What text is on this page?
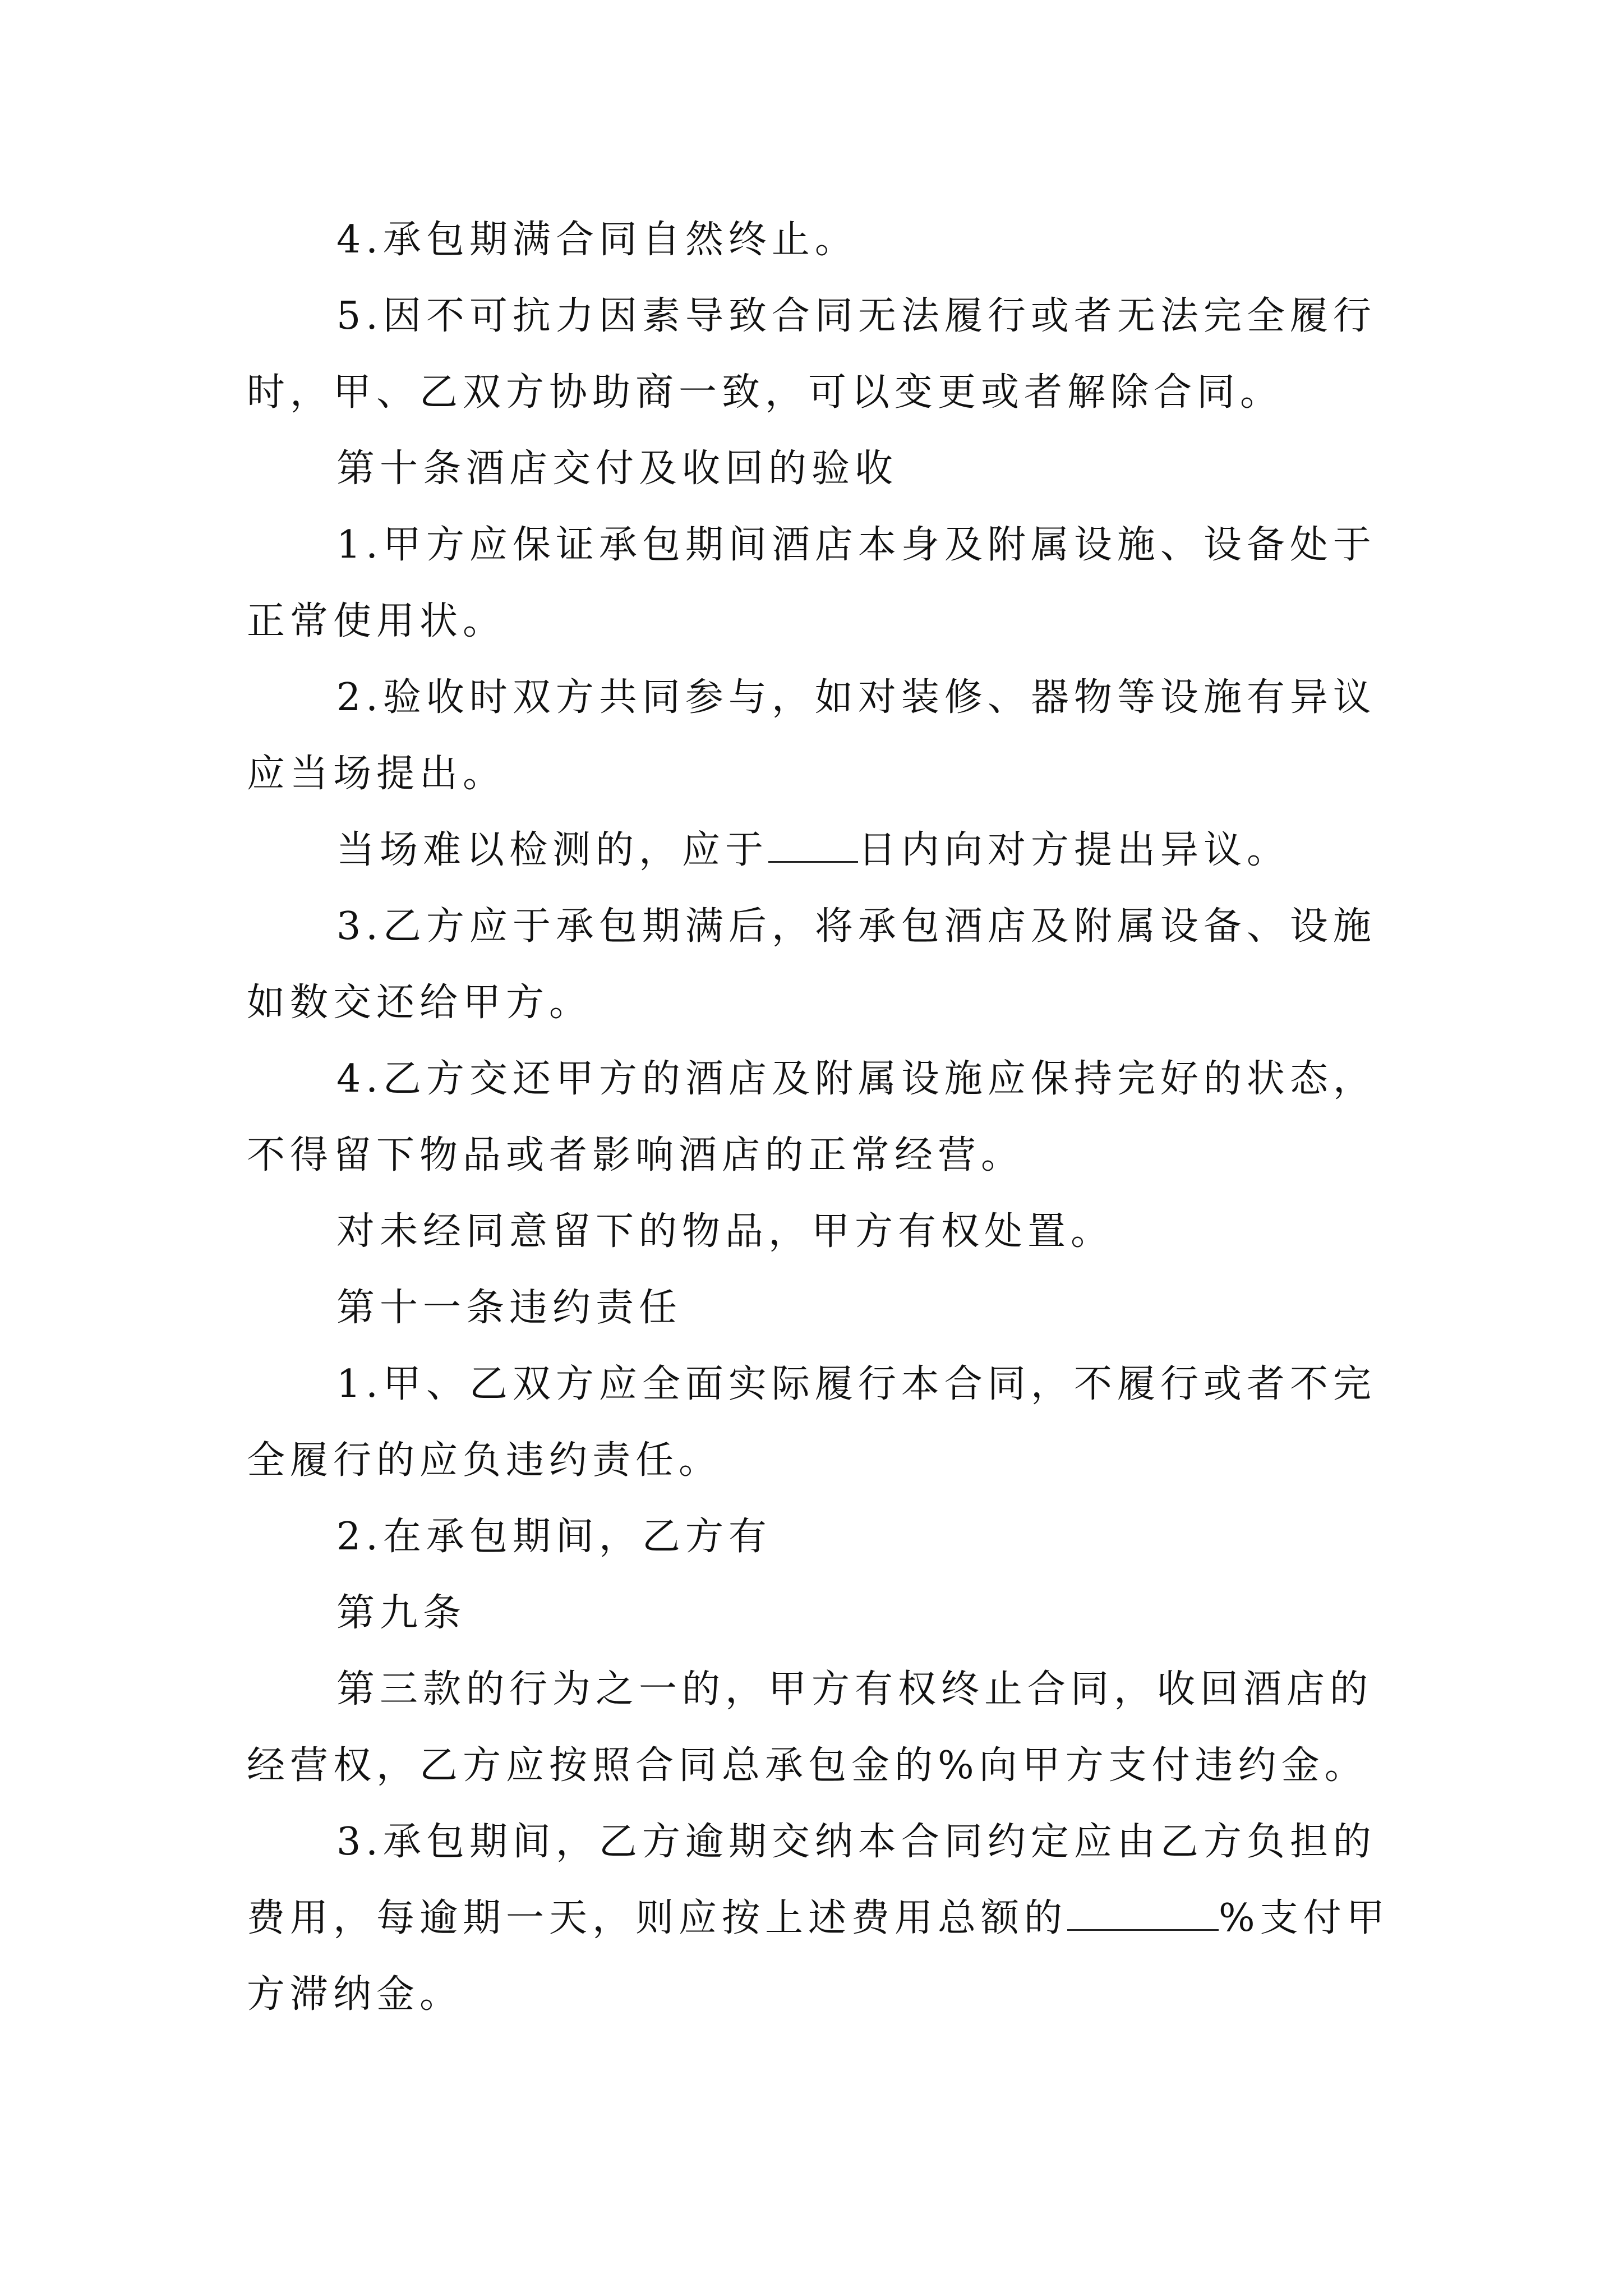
4.承包期满合同自然终止。

5.因不可抗力因素导致合同无法履行或者无法完全履行时，甲、乙双方协助商一致，可以变更或者解除合同。

第十条酒店交付及收回的验收

1.甲方应保证承包期间酒店本身及附属设施、设备处于正常使用状。

2.验收时双方共同参与，如对装修、器物等设施有异议应当场提出。

当场难以检测的，应于 日内向对方提出异议。

3.乙方应于承包期满后，将承包酒店及附属设备、设施如数交还给甲方。

4.乙方交还甲方的酒店及附属设施应保持完好的状态，不得留下物品或者影响酒店的正常经营。

对未经同意留下的物品，甲方有权处置。

第十一条违约责任

1.甲、乙双方应全面实际履行本合同，不履行或者不完全履行的应负违约责任。

2.在承包期间，乙方有

第九条

第三款的行为之一的，甲方有权终止合同，收回酒店的经营权，乙方应按照合同总承包金的%向甲方支付违约金。

3.承包期间，乙方逾期交纳本合同约定应由乙方负担的费用，每逾期一天，则应按上述费用总额的	%支付甲方滞纳金。
